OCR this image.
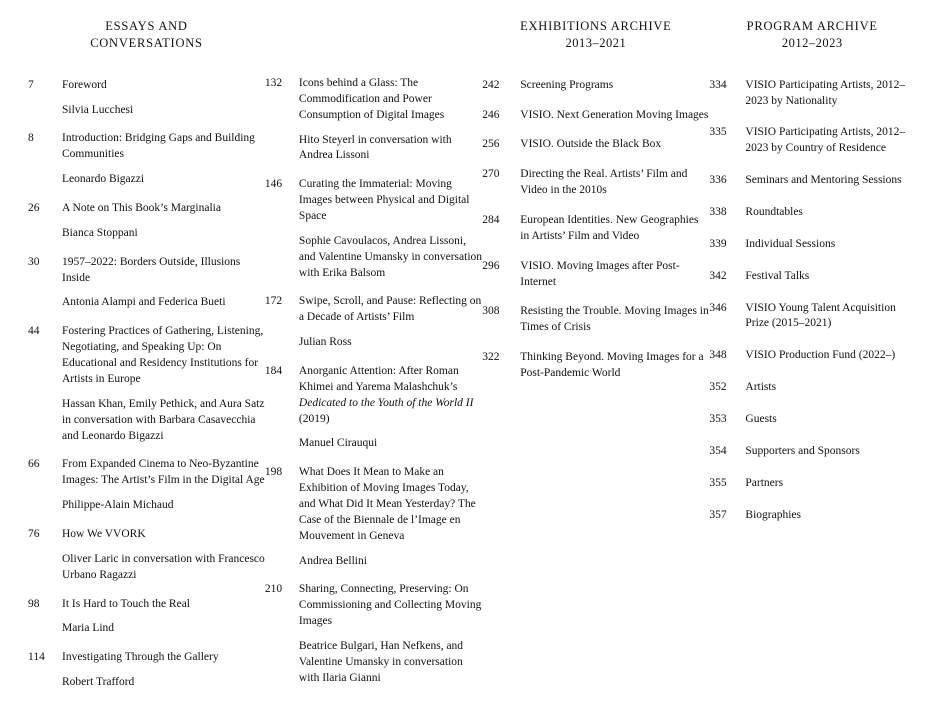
ESSAYS AND
CONVERSATIONS
7	Foreword
Silvia Lucchesi
8	Introduction: Bridging Gaps and Building Communities
Leonardo Bigazzi
26	A Note on This Book’s Marginalia
Bianca Stoppani
30	1957–2022: Borders Outside, Illusions Inside
Antonia Alampi and Federica Bueti
44	Fostering Practices of Gathering, Listening, Negotiating, and Speaking Up: On Educational and Residency Institutions for Artists in Europe
Hassan Khan, Emily Pethick, and Aura Satz in conversation with Barbara Casavecchia and Leonardo Bigazzi
66	From Expanded Cinema to Neo-Byzantine Images: The Artist’s Film in the Digital Age
Philippe-Alain Michaud
76	How We VVORK
Oliver Laric in conversation with Francesco Urbano Ragazzi
98	It Is Hard to Touch the Real
Maria Lind
114	Investigating Through the Gallery
Robert Trafford
132	Icons behind a Glass: The Commodification and Power Consumption of Digital Images
Hito Steyerl in conversation with Andrea Lissoni
146	Curating the Immaterial: Moving Images between Physical and Digital Space
Sophie Cavoulacos, Andrea Lissoni, and Valentine Umansky in conversation with Erika Balsom
172	Swipe, Scroll, and Pause: Reflecting on a Decade of Artists’ Film
Julian Ross
184	Anorganic Attention: After Roman Khimei and Yarema Malashchuk’s Dedicated to the Youth of the World II (2019)
Manuel Cirauqui
198	What Does It Mean to Make an Exhibition of Moving Images Today, and What Did It Mean Yesterday? The Case of the Biennale de l’Image en Mouvement in Geneva
Andrea Bellini
210	Sharing, Connecting, Preserving: On Commissioning and Collecting Moving Images
Beatrice Bulgari, Han Nefkens, and Valentine Umansky in conversation with Ilaria Gianni
EXHIBITIONS ARCHIVE
2013–2021
242	Screening Programs
246	VISIO. Next Generation Moving Images
256	VISIO. Outside the Black Box
270	Directing the Real. Artists’ Film and Video in the 2010s
284	European Identities. New Geographies in Artists’ Film and Video
296	VISIO. Moving Images after Post-Internet
308	Resisting the Trouble. Moving Images in Times of Crisis
322	Thinking Beyond. Moving Images for a Post-Pandemic World
PROGRAM ARCHIVE
2012–2023
334	VISIO Participating Artists, 2012–2023 by Nationality
335	VISIO Participating Artists, 2012–2023 by Country of Residence
336	Seminars and Mentoring Sessions
338	Roundtables
339	Individual Sessions
342	Festival Talks
346	VISIO Young Talent Acquisition Prize (2015–2021)
348	VISIO Production Fund (2022–)
352	Artists
353	Guests
354	Supporters and Sponsors
355	Partners
357	Biographies
